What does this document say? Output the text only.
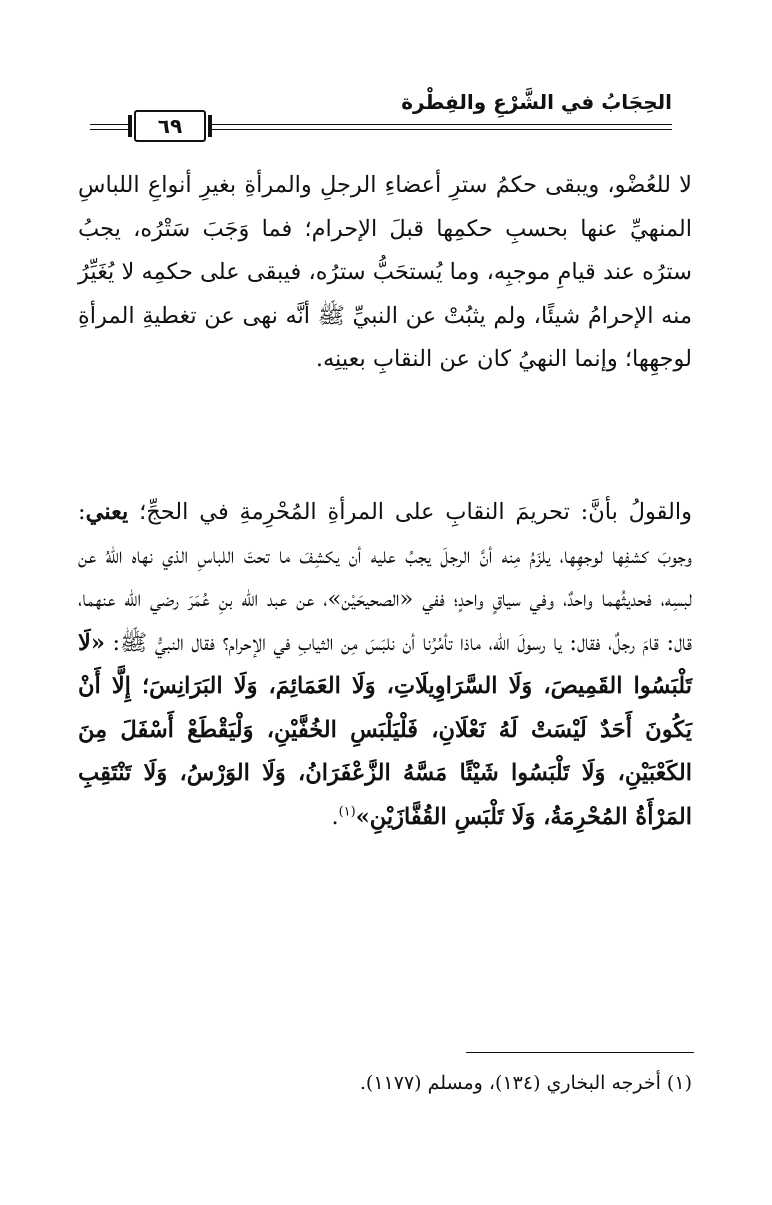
الحِجَابُ في الشَّرْعِ والفِطْرة
٦٩
لا للعُضْو، ويبقى حكمُ سترِ أعضاءِ الرجلِ والمرأةِ بغيرِ أنواعِ اللباسِ المنهيِّ عنها بحسبِ حكمِها قبلَ الإحرام؛ فما وَجَبَ سَتْرُه، يجبُ سترُه عند قيامِ موجبِه، وما يُستحَبُّ سترُه، فيبقى على حكمِه لا يُغَيِّرُ منه الإحرامُ شيئًا، ولم يثبُتْ عن النبيِّ ﷺ أنَّه نهى عن تغطيةِ المرأةِ لوجهِها؛ وإنما النهيُ كان عن النقابِ بعينِه.
والقولُ بأنَّ: تحريمَ النقابِ على المرأةِ المُحْرِمةِ في الحجِّ؛ يعني: وجوبَ كشفِها لوجهِها، يلزَمُ مِنه أنَّ الرجلَ يجبُ عليه أن يكشِفَ ما تحتَ اللباسِ الذي نهاه اللهُ عن لبسِه، فحديثُهما واحدٌ، وفي سياقٍ واحدٍ؛ ففي «الصحيحَيْن»، عن عبد الله بنِ عُمَرَ رضي الله عنهما، قال: قامَ رجلٌ، فقال: يا رسولَ الله، ماذا تأمُرُنا أن نلبَسَ مِن الثيابِ في الإحرام؟ فقال النبيُّ ﷺ: «لَا تَلْبَسُوا القَمِيصَ، وَلَا السَّرَاوِيلَاتِ، وَلَا العَمَائِمَ، وَلَا البَرَانِسَ؛ إِلَّا أَنْ يَكُونَ أَحَدٌ لَيْسَتْ لَهُ نَعْلَانِ، فَلْيَلْبَسِ الخُفَّيْنِ، وَلْيَقْطَعْ أَسْفَلَ مِنَ الكَعْبَيْنِ، وَلَا تَلْبَسُوا شَيْئًا مَسَّهُ الزَّعْفَرَانُ، وَلَا الوَرْسُ، وَلَا تَنْتَقِبِ المَرْأَةُ المُحْرِمَةُ، وَلَا تَلْبَسِ القُفَّازَيْنِ»$^{(١)}$.
(١) أخرجه البخاري (١٣٤)، ومسلم (١١٧٧).
